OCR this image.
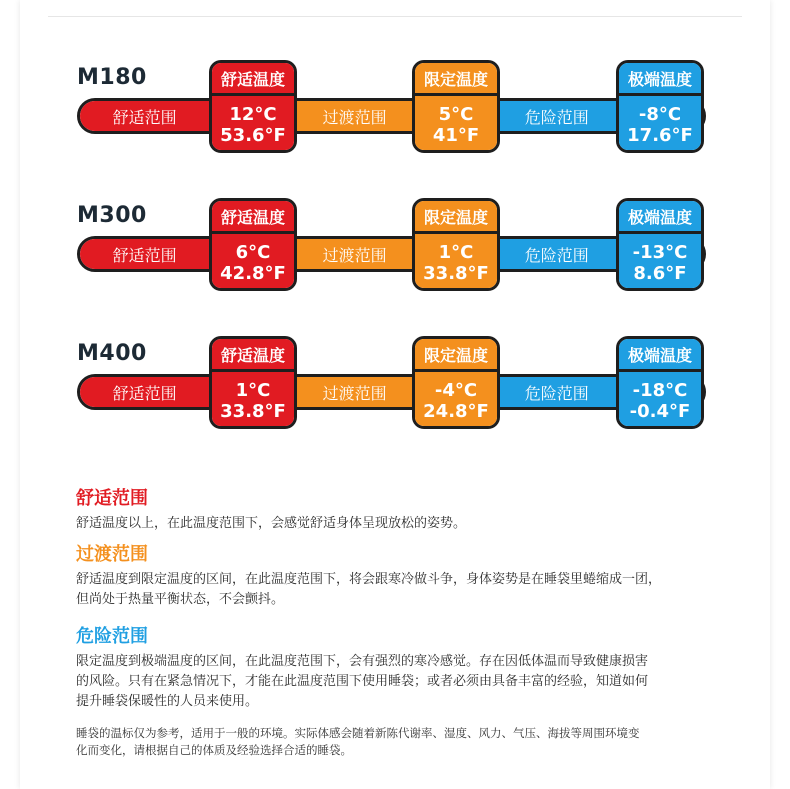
M180
舒适范围	过渡范围	危险范围
舒适温度
12°C
53.6°F
限定温度
5°C
41°F
极端温度
-8°C
17.6°F
M300
舒适范围	过渡范围	危险范围
舒适温度
6°C
42.8°F
限定温度
1°C
33.8°F
极端温度
-13°C
8.6°F
M400
舒适范围	过渡范围	危险范围
舒适温度
1°C
33.8°F
限定温度
-4°C
24.8°F
极端温度
-18°C
-0.4°F
舒适范围
舒适温度以上，在此温度范围下，会感觉舒适身体呈现放松的姿势。
过渡范围
舒适温度到限定温度的区间，在此温度范围下，将会跟寒冷做斗争，身体姿势是在睡袋里蜷缩成一团，
但尚处于热量平衡状态，不会颤抖。
危险范围
限定温度到极端温度的区间，在此温度范围下，会有强烈的寒冷感觉。存在因低体温而导致健康损害
的风险。只有在紧急情况下，才能在此温度范围下使用睡袋；或者必须由具备丰富的经验，知道如何
提升睡袋保暖性的人员来使用。
睡袋的温标仅为参考，适用于一般的环境。实际体感会随着新陈代谢率、湿度、风力、气压、海拔等周围环境变
化而变化，请根据自己的体质及经验选择合适的睡袋。
